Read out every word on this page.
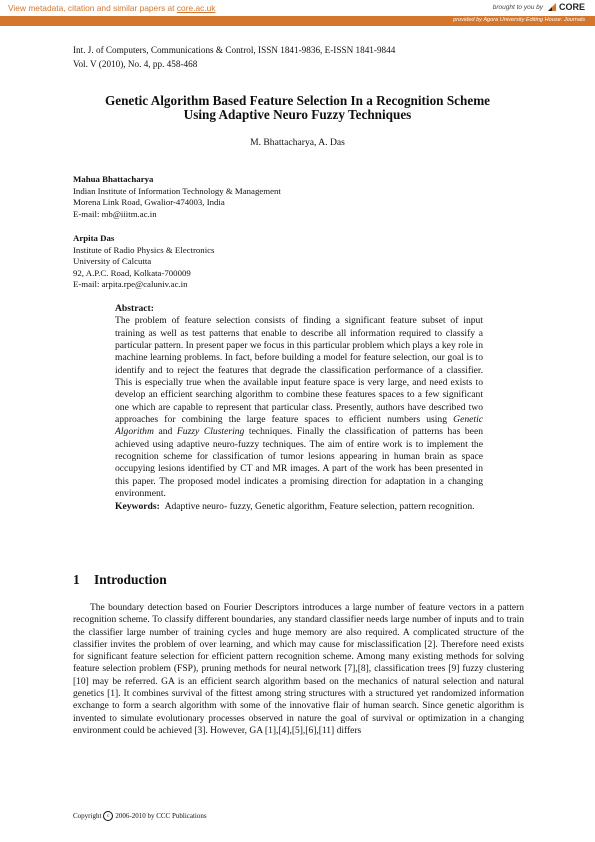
View metadata, citation and similar papers at core.ac.uk	brought to you by CORE
provided by Agora University Editing House: Journals
Int. J. of Computers, Communications & Control, ISSN 1841-9836, E-ISSN 1841-9844
Vol. V (2010), No. 4, pp. 458-468
Genetic Algorithm Based Feature Selection In a Recognition Scheme
Using Adaptive Neuro Fuzzy Techniques
M. Bhattacharya, A. Das
Mahua Bhattacharya
Indian Institute of Information Technology & Management
Morena Link Road, Gwalior-474003, India
E-mail: mb@iiitm.ac.in
Arpita Das
Institute of Radio Physics & Electronics
University of Calcutta
92, A.P.C. Road, Kolkata-700009
E-mail: arpita.rpe@caluniv.ac.in
Abstract:
The problem of feature selection consists of finding a significant feature subset of input training as well as test patterns that enable to describe all information required to classify a particular pattern. In present paper we focus in this particular problem which plays a key role in machine learning problems. In fact, before building a model for feature selection, our goal is to identify and to reject the features that degrade the classification performance of a classifier. This is especially true when the available input feature space is very large, and need exists to develop an efficient searching algorithm to combine these features spaces to a few significant one which are capable to represent that particular class. Presently, authors have described two approaches for combining the large feature spaces to efficient numbers using Genetic Algorithm and Fuzzy Clustering techniques. Finally the classification of patterns has been achieved using adaptive neuro-fuzzy techniques. The aim of entire work is to implement the recognition scheme for classification of tumor lesions appearing in human brain as space occupying lesions identified by CT and MR images. A part of the work has been presented in this paper. The proposed model indicates a promising direction for adaptation in a changing environment.
Keywords: Adaptive neuro- fuzzy, Genetic algorithm, Feature selection, pattern recognition.
1 Introduction
The boundary detection based on Fourier Descriptors introduces a large number of feature vectors in a pattern recognition scheme. To classify different boundaries, any standard classifier needs large number of inputs and to train the classifier large number of training cycles and huge memory are also required. A complicated structure of the classifier invites the problem of over learning, and which may cause for misclassification [2]. Therefore need exists for significant feature selection for efficient pattern recognition scheme. Among many existing methods for solving feature selection problem (FSP), pruning methods for neural network [7],[8], classification trees [9] fuzzy clustering [10] may be referred. GA is an efficient search algorithm based on the mechanics of natural selection and natural genetics [1]. It combines survival of the fittest among string structures with a structured yet randomized information exchange to form a search algorithm with some of the innovative flair of human search. Since genetic algorithm is invented to simulate evolutionary processes observed in nature the goal of survival or optimization in a changing environment could be achieved [3]. However, GA [1],[4],[5],[6],[11] differs
Copyright	c 2006-2010 by CCC Publications
